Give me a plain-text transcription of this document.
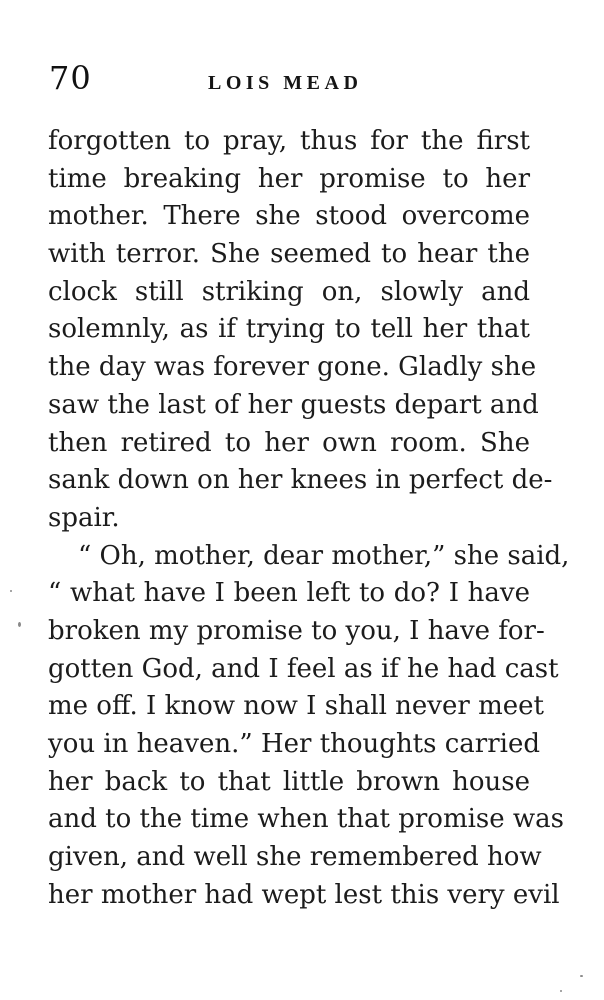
70	LOIS MEAD
forgotten to pray, thus for the first
time breaking her promise to her
mother. There she stood overcome
with terror. She seemed to hear the
clock still striking on, slowly and
solemnly, as if trying to tell her that
the day was forever gone. Gladly she
saw the last of her guests depart and
then retired to her own room. She
sank down on her knees in perfect de-
spair.
“ Oh, mother, dear mother,” she said,
“ what have I been left to do? I have
broken my promise to you, I have for-
gotten God, and I feel as if he had cast
me off. I know now I shall never meet
you in heaven.” Her thoughts carried
her back to that little brown house
and to the time when that promise was
given, and well she remembered how
her mother had wept lest this very evil
